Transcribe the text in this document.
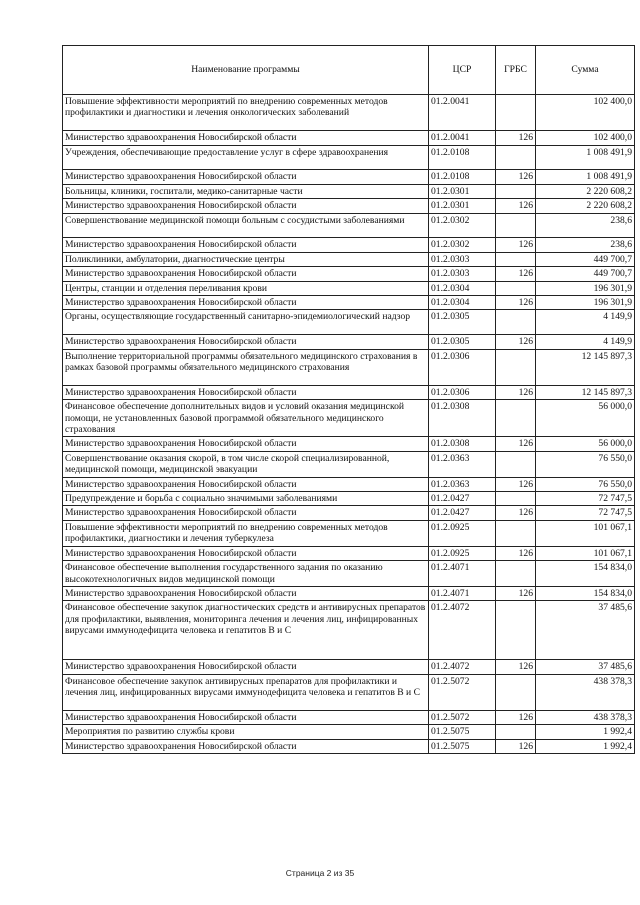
Наименование программы	ЦСР	ГРБС	Сумма
Повышение эффективности мероприятий по внедрению современных методов профилактики и диагностики и лечения онкологических заболеваний	01.2.0041		102 400,0
Министерство здравоохранения Новосибирской области	01.2.0041	126	102 400,0
Учреждения, обеспечивающие предоставление услуг в сфере здравоохранения	01.2.0108		1 008 491,9
Министерство здравоохранения Новосибирской области	01.2.0108	126	1 008 491,9
Больницы, клиники, госпитали, медико-санитарные части	01.2.0301		2 220 608,2
Министерство здравоохранения Новосибирской области	01.2.0301	126	2 220 608,2
Совершенствование медицинской помощи больным с сосудистыми заболеваниями	01.2.0302		238,6
Министерство здравоохранения Новосибирской области	01.2.0302	126	238,6
Поликлиники, амбулатории, диагностические центры	01.2.0303		449 700,7
Министерство здравоохранения Новосибирской области	01.2.0303	126	449 700,7
Центры, станции и отделения переливания крови	01.2.0304		196 301,9
Министерство здравоохранения Новосибирской области	01.2.0304	126	196 301,9
Органы, осуществляющие государственный санитарно-эпидемиологический надзор	01.2.0305		4 149,9
Министерство здравоохранения Новосибирской области	01.2.0305	126	4 149,9
Выполнение территориальной программы обязательного медицинского страхования в рамках базовой программы обязательного медицинского страхования	01.2.0306		12 145 897,3
Министерство здравоохранения Новосибирской области	01.2.0306	126	12 145 897,3
Финансовое обеспечение дополнительных видов и условий оказания медицинской помощи, не установленных базовой программой обязательного медицинского страхования	01.2.0308		56 000,0
Министерство здравоохранения Новосибирской области	01.2.0308	126	56 000,0
Совершенствование оказания скорой, в том числе скорой специализированной, медицинской помощи, медицинской эвакуации	01.2.0363		76 550,0
Министерство здравоохранения Новосибирской области	01.2.0363	126	76 550,0
Предупреждение и борьба с социально значимыми заболеваниями	01.2.0427		72 747,5
Министерство здравоохранения Новосибирской области	01.2.0427	126	72 747,5
Повышение эффективности мероприятий по внедрению современных методов профилактики, диагностики и лечения туберкулеза	01.2.0925		101 067,1
Министерство здравоохранения Новосибирской области	01.2.0925	126	101 067,1
Финансовое обеспечение выполнения государственного задания по оказанию высокотехнологичных видов медицинской помощи	01.2.4071		154 834,0
Министерство здравоохранения Новосибирской области	01.2.4071	126	154 834,0
Финансовое обеспечение закупок диагностических средств и антивирусных препаратов для профилактики, выявления, мониторинга лечения и лечения лиц, инфицированных вирусами иммунодефицита человека и гепатитов В и С	01.2.4072		37 485,6
Министерство здравоохранения Новосибирской области	01.2.4072	126	37 485,6
Финансовое обеспечение закупок антивирусных препаратов для профилактики и лечения лиц, инфицированных вирусами иммунодефицита человека и гепатитов В и С	01.2.5072		438 378,3
Министерство здравоохранения Новосибирской области	01.2.5072	126	438 378,3
Мероприятия по развитию службы крови	01.2.5075		1 992,4
Министерство здравоохранения Новосибирской области	01.2.5075	126	1 992,4
Страница 2 из 35
